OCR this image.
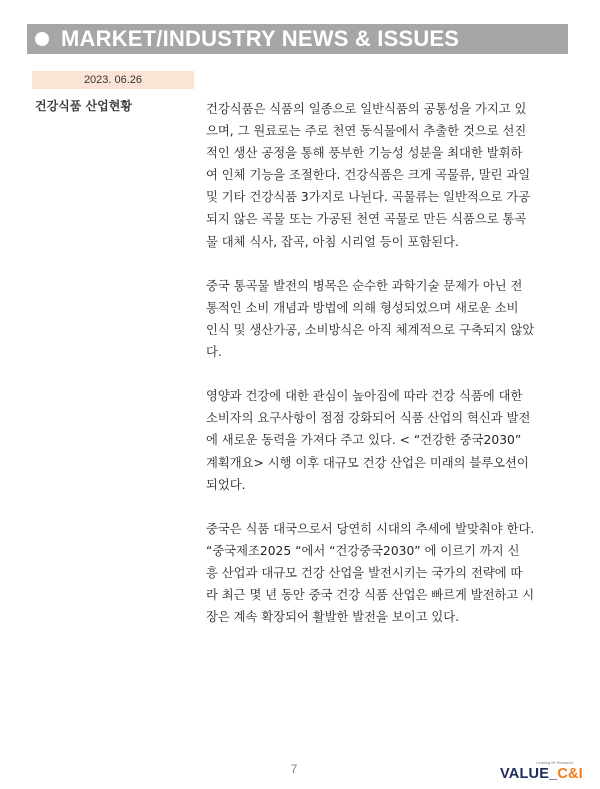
MARKET/INDUSTRY NEWS & ISSUES
2023. 06.26
건강식품 산업현황	건강식품은 식품의 일종으로 일반식품의 공통성을 가지고 있
으며, 그 원료로는 주로 천연 동식물에서 추출한 것으로 선진
적인 생산 공정을 통해 풍부한 기능성 성분을 최대한 발휘하
여 인체 기능을 조절한다. 건강식품은 크게 곡물류, 말린 과일
및 기타 건강식품 3가지로 나뉜다. 곡물류는 일반적으로 가공
되지 않은 곡물 또는 가공된 천연 곡물로 만든 식품으로 통곡
물 대체 식사, 잡곡, 아침 시리얼 등이 포함된다.
중국 통곡물 발전의 병목은 순수한 과학기술 문제가 아닌 전
통적인 소비 개념과 방법에 의해 형성되었으며 새로운 소비
인식 및 생산가공, 소비방식은 아직 체계적으로 구축되지 않았
다.
영양과 건강에 대한 관심이 높아짐에 따라 건강 식품에 대한
소비자의 요구사항이 점점 강화되어 식품 산업의 혁신과 발전
에 새로운 동력을 가져다 주고 있다. < “건강한 중국2030”
계획개요> 시행 이후 대규모 건강 산업은 미래의 블루오션이
되었다.
중국은 식품 대국으로서 당연히 시대의 추세에 발맞춰야 한다.
“중국제조2025 “에서 “건강중국2030” 에 이르기 까지 신
흥 산업과 대규모 건강 산업을 발전시키는 국가의 전략에 따
라 최근 몇 년 동안 중국 건강 식품 산업은 빠르게 발전하고 시
장은 계속 확장되어 활발한 발전을 보이고 있다.
7	Leading IR Research
VALUE_C&I
